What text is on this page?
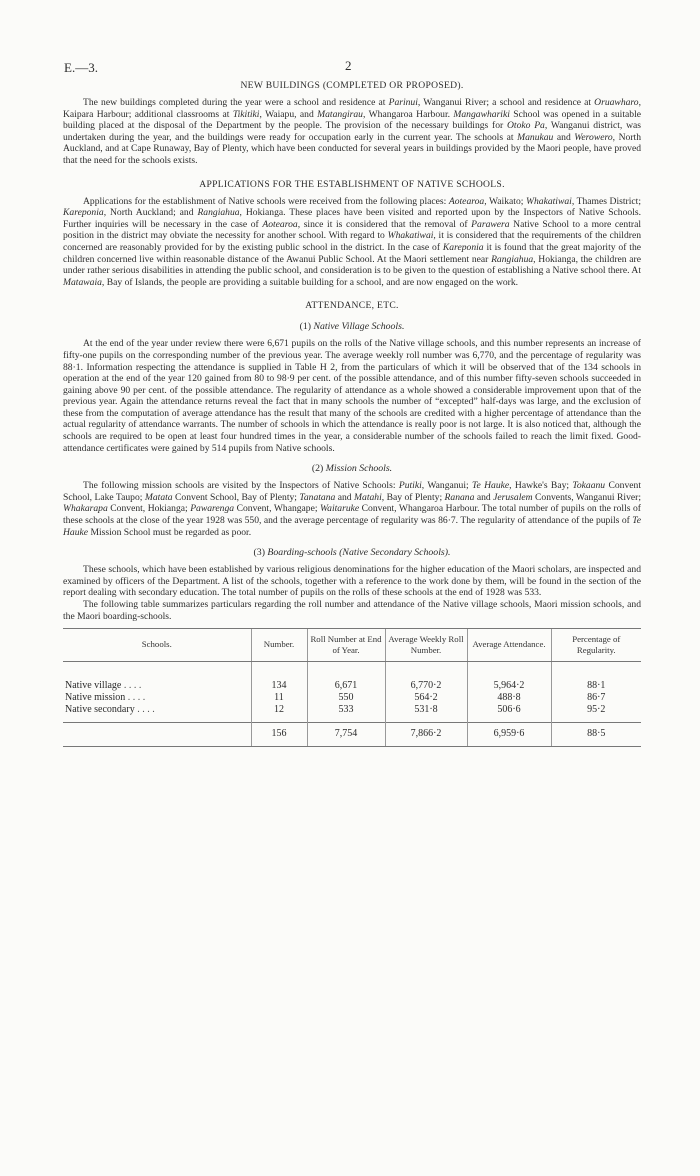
E.—3.	2
NEW BUILDINGS (COMPLETED OR PROPOSED).

The new buildings completed during the year were a school and residence at Parinui, Wanganui River; a school and residence at Oruawharo, Kaipara Harbour; additional classrooms at Tikitiki, Waiapu, and Matangirau, Whangaroa Harbour. Mangawhariki School was opened in a suitable building placed at the disposal of the Department by the people. The provision of the necessary buildings for Otoko Pa, Wanganui district, was undertaken during the year, and the buildings were ready for occupation early in the current year. The schools at Manukau and Werowero, North Auckland, and at Cape Runaway, Bay of Plenty, which have been conducted for several years in buildings provided by the Maori people, have proved that the need for the schools exists.

APPLICATIONS FOR THE ESTABLISHMENT OF NATIVE SCHOOLS.

Applications for the establishment of Native schools were received from the following places: Aotearoa, Waikato; Whakatiwai, Thames District; Kareponia, North Auckland; and Rangiahua, Hokianga. These places have been visited and reported upon by the Inspectors of Native Schools. Further inquiries will be necessary in the case of Aotearoa, since it is considered that the removal of Parawera Native School to a more central position in the district may obviate the necessity for another school. With regard to Whakatiwai, it is considered that the requirements of the children concerned are reasonably provided for by the existing public school in the district. In the case of Kareponia it is found that the great majority of the children concerned live within reasonable distance of the Awanui Public School. At the Maori settlement near Rangiahua, Hokianga, the children are under rather serious disabilities in attending the public school, and consideration is to be given to the question of establishing a Native school there. At Matawaia, Bay of Islands, the people are providing a suitable building for a school, and are now engaged on the work.

ATTENDANCE, ETC.
(1) Native Village Schools.

At the end of the year under review there were 6,671 pupils on the rolls of the Native village schools, and this number represents an increase of fifty-one pupils on the corresponding number of the previous year. The average weekly roll number was 6,770, and the percentage of regularity was 88·1. Information respecting the attendance is supplied in Table H 2, from the particulars of which it will be observed that of the 134 schools in operation at the end of the year 120 gained from 80 to 98·9 per cent. of the possible attendance, and of this number fifty-seven schools succeeded in gaining above 90 per cent. of the possible attendance. The regularity of attendance as a whole showed a considerable improvement upon that of the previous year. Again the attendance returns reveal the fact that in many schools the number of “excepted” half-days was large, and the exclusion of these from the computation of average attendance has the result that many of the schools are credited with a higher percentage of attendance than the actual regularity of attendance warrants. The number of schools in which the attendance is really poor is not large. It is also noticed that, although the schools are required to be open at least four hundred times in the year, a considerable number of the schools failed to reach the limit fixed. Good-attendance certificates were gained by 514 pupils from Native schools.

(2) Mission Schools.

The following mission schools are visited by the Inspectors of Native Schools: Putiki, Wanganui; Te Hauke, Hawke's Bay; Tokaanu Convent School, Lake Taupo; Matata Convent School, Bay of Plenty; Tanatana and Matahi, Bay of Plenty; Ranana and Jerusalem Convents, Wanganui River; Whakarapa Convent, Hokianga; Pawarenga Convent, Whangape; Waitaruke Convent, Whangaroa Harbour. The total number of pupils on the rolls of these schools at the close of the year 1928 was 550, and the average percentage of regularity was 86·7. The regularity of attendance of the pupils of Te Hauke Mission School must be regarded as poor.

(3) Boarding-schools (Native Secondary Schools).

These schools, which have been established by various religious denominations for the higher education of the Maori scholars, are inspected and examined by officers of the Department. A list of the schools, together with a reference to the work done by them, will be found in the section of the report dealing with secondary education. The total number of pupils on the rolls of these schools at the end of 1928 was 533.

The following table summarizes particulars regarding the roll number and attendance of the Native village schools, Maori mission schools, and the Maori boarding-schools.

Schools.	Number.	Roll Number at End of Year.	Average Weekly Roll Number.	Average Attendance.	Percentage of Regularity.
Native village . . . .	134	6,671	6,770·2	5,964·2	88·1
Native mission . . . .	11	550	564·2	488·8	86·7
Native secondary . . . .	12	533	531·8	506·6	95·2
	156	7,754	7,866·2	6,959·6	88·5
